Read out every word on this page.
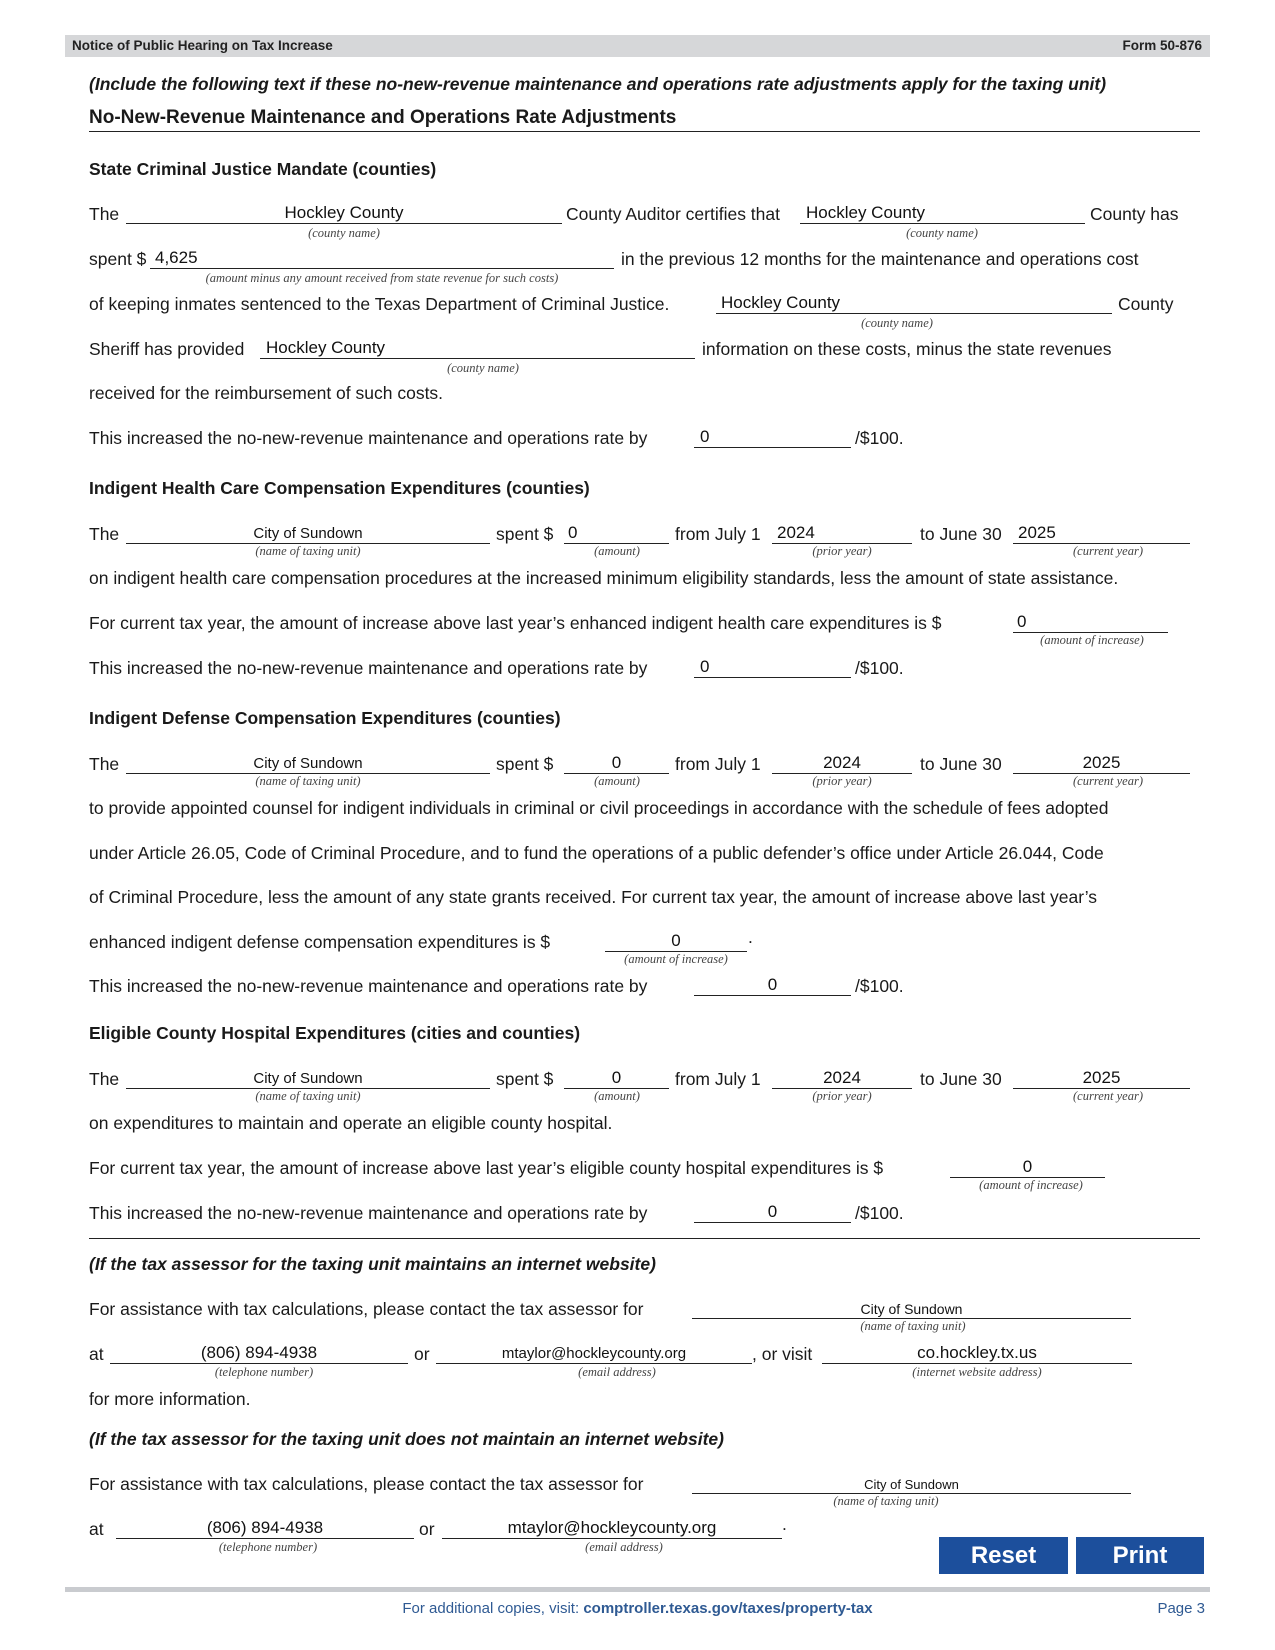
Notice of Public Hearing on Tax Increase	Form 50-876
(Include the following text if these no-new-revenue maintenance and operations rate adjustments apply for the taxing unit)
No-New-Revenue Maintenance and Operations Rate Adjustments
State Criminal Justice Mandate (counties)
The	Hockley County
(county name)
County Auditor certifies that Hockley County
(county name)
County has
spent $ 4,625
(amount minus any amount received from state revenue for such costs)
in the previous 12 months for the maintenance and operations cost
of keeping inmates sentenced to the Texas Department of Criminal Justice.	Hockley County
(county name)
County
Sheriff has provided Hockley County
(county name)
information on these costs, minus the state revenues
received for the reimbursement of such costs.
This increased the no-new-revenue maintenance and operations rate by	0	/$100.
Indigent Health Care Compensation Expenditures (counties)
The	City of Sundown
(name of taxing unit)
spent $ 0
(amount)
from July 1 2024
(prior year)
to June 30 2025
(current year)
on indigent health care compensation procedures at the increased minimum eligibility standards, less the amount of state assistance.
For current tax year, the amount of increase above last year’s enhanced indigent health care expenditures is $	0
(amount of increase)
This increased the no-new-revenue maintenance and operations rate by	0	/$100.
Indigent Defense Compensation Expenditures (counties)
The	City of Sundown
(name of taxing unit)
spent $	0
(amount)
from July 1	2024
(prior year)
to June 30	2025
(current year)
to provide appointed counsel for indigent individuals in criminal or civil proceedings in accordance with the schedule of fees adopted
under Article 26.05, Code of Criminal Procedure, and to fund the operations of a public defender’s office under Article 26.044, Code
of Criminal Procedure, less the amount of any state grants received. For current tax year, the amount of increase above last year’s
enhanced indigent defense compensation expenditures is $	0	.
(amount of increase)
This increased the no-new-revenue maintenance and operations rate by	0	/$100.
Eligible County Hospital Expenditures (cities and counties)
The	City of Sundown
(name of taxing unit)
spent $	0
(amount)
from July 1	2024
(prior year)
to June 30	2025
(current year)
on expenditures to maintain and operate an eligible county hospital.
For current tax year, the amount of increase above last year’s eligible county hospital expenditures is $	0
(amount of increase)
This increased the no-new-revenue maintenance and operations rate by	0	/$100.
(If the tax assessor for the taxing unit maintains an internet website)
For assistance with tax calculations, please contact the tax assessor for	City of Sundown
(name of taxing unit)
at	(806) 894-4938
(telephone number)
or	mtaylor@hockleycounty.org
(email address)
, or visit	co.hockley.tx.us
(internet website address)
for more information.
(If the tax assessor for the taxing unit does not maintain an internet website)
For assistance with tax calculations, please contact the tax assessor for	City of Sundown
(name of taxing unit)
at	(806) 894-4938
(telephone number)
or	mtaylor@hockleycounty.org	.
(email address)	Reset	Print
For additional copies, visit: comptroller.texas.gov/taxes/property-tax	Page 3
